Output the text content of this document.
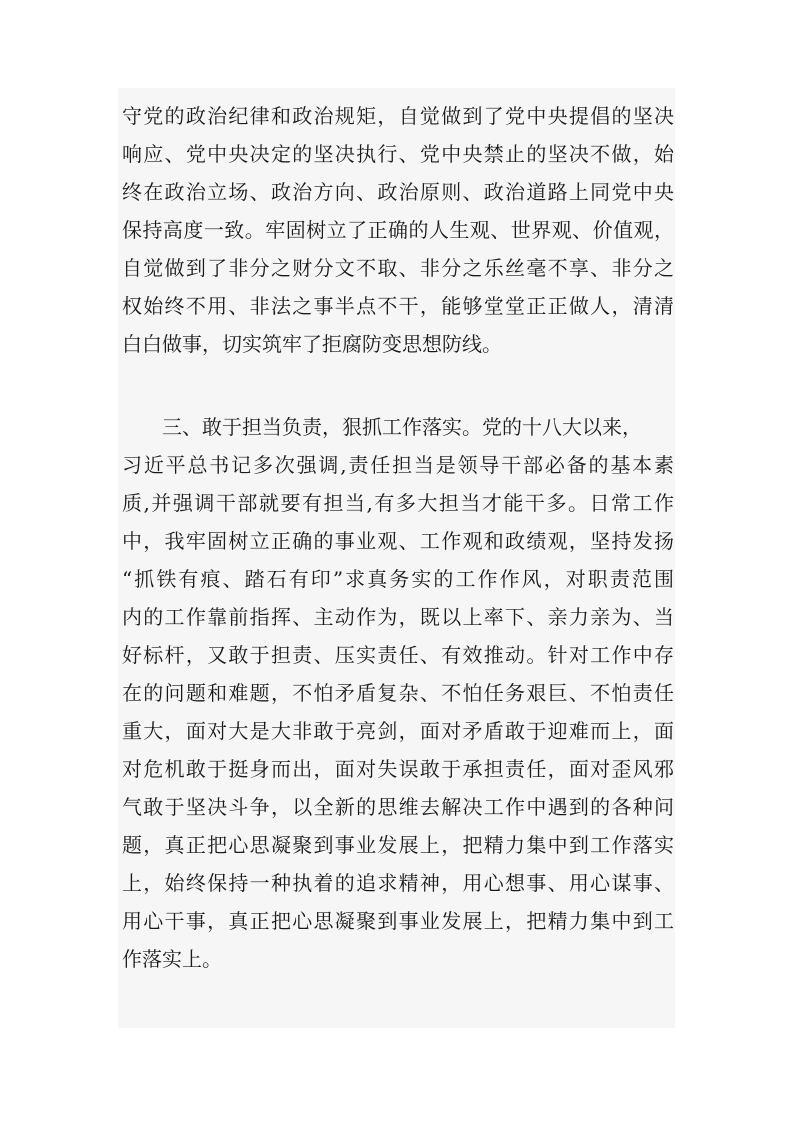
守党的政治纪律和政治规矩，自觉做到了党中央提倡的坚决
响应、党中央决定的坚决执行、党中央禁止的坚决不做，始
终在政治立场、政治方向、政治原则、政治道路上同党中央
保持高度一致。牢固树立了正确的人生观、世界观、价值观，
自觉做到了非分之财分文不取、非分之乐丝毫不享、非分之
权始终不用、非法之事半点不干，能够堂堂正正做人，清清
白白做事，切实筑牢了拒腐防变思想防线。
　　三、敢于担当负责，狠抓工作落实。党的十八大以来，
习近平总书记多次强调,责任担当是领导干部必备的基本素
质,并强调干部就要有担当,有多大担当才能干多。日常工作
中，我牢固树立正确的事业观、工作观和政绩观，坚持发扬
“抓铁有痕、踏石有印”求真务实的工作作风，对职责范围
内的工作靠前指挥、主动作为，既以上率下、亲力亲为、当
好标杆，又敢于担责、压实责任、有效推动。针对工作中存
在的问题和难题，不怕矛盾复杂、不怕任务艰巨、不怕责任
重大，面对大是大非敢于亮剑，面对矛盾敢于迎难而上，面
对危机敢于挺身而出，面对失误敢于承担责任，面对歪风邪
气敢于坚决斗争，以全新的思维去解决工作中遇到的各种问
题，真正把心思凝聚到事业发展上，把精力集中到工作落实
上，始终保持一种执着的追求精神，用心想事、用心谋事、
用心干事，真正把心思凝聚到事业发展上，把精力集中到工
作落实上。
